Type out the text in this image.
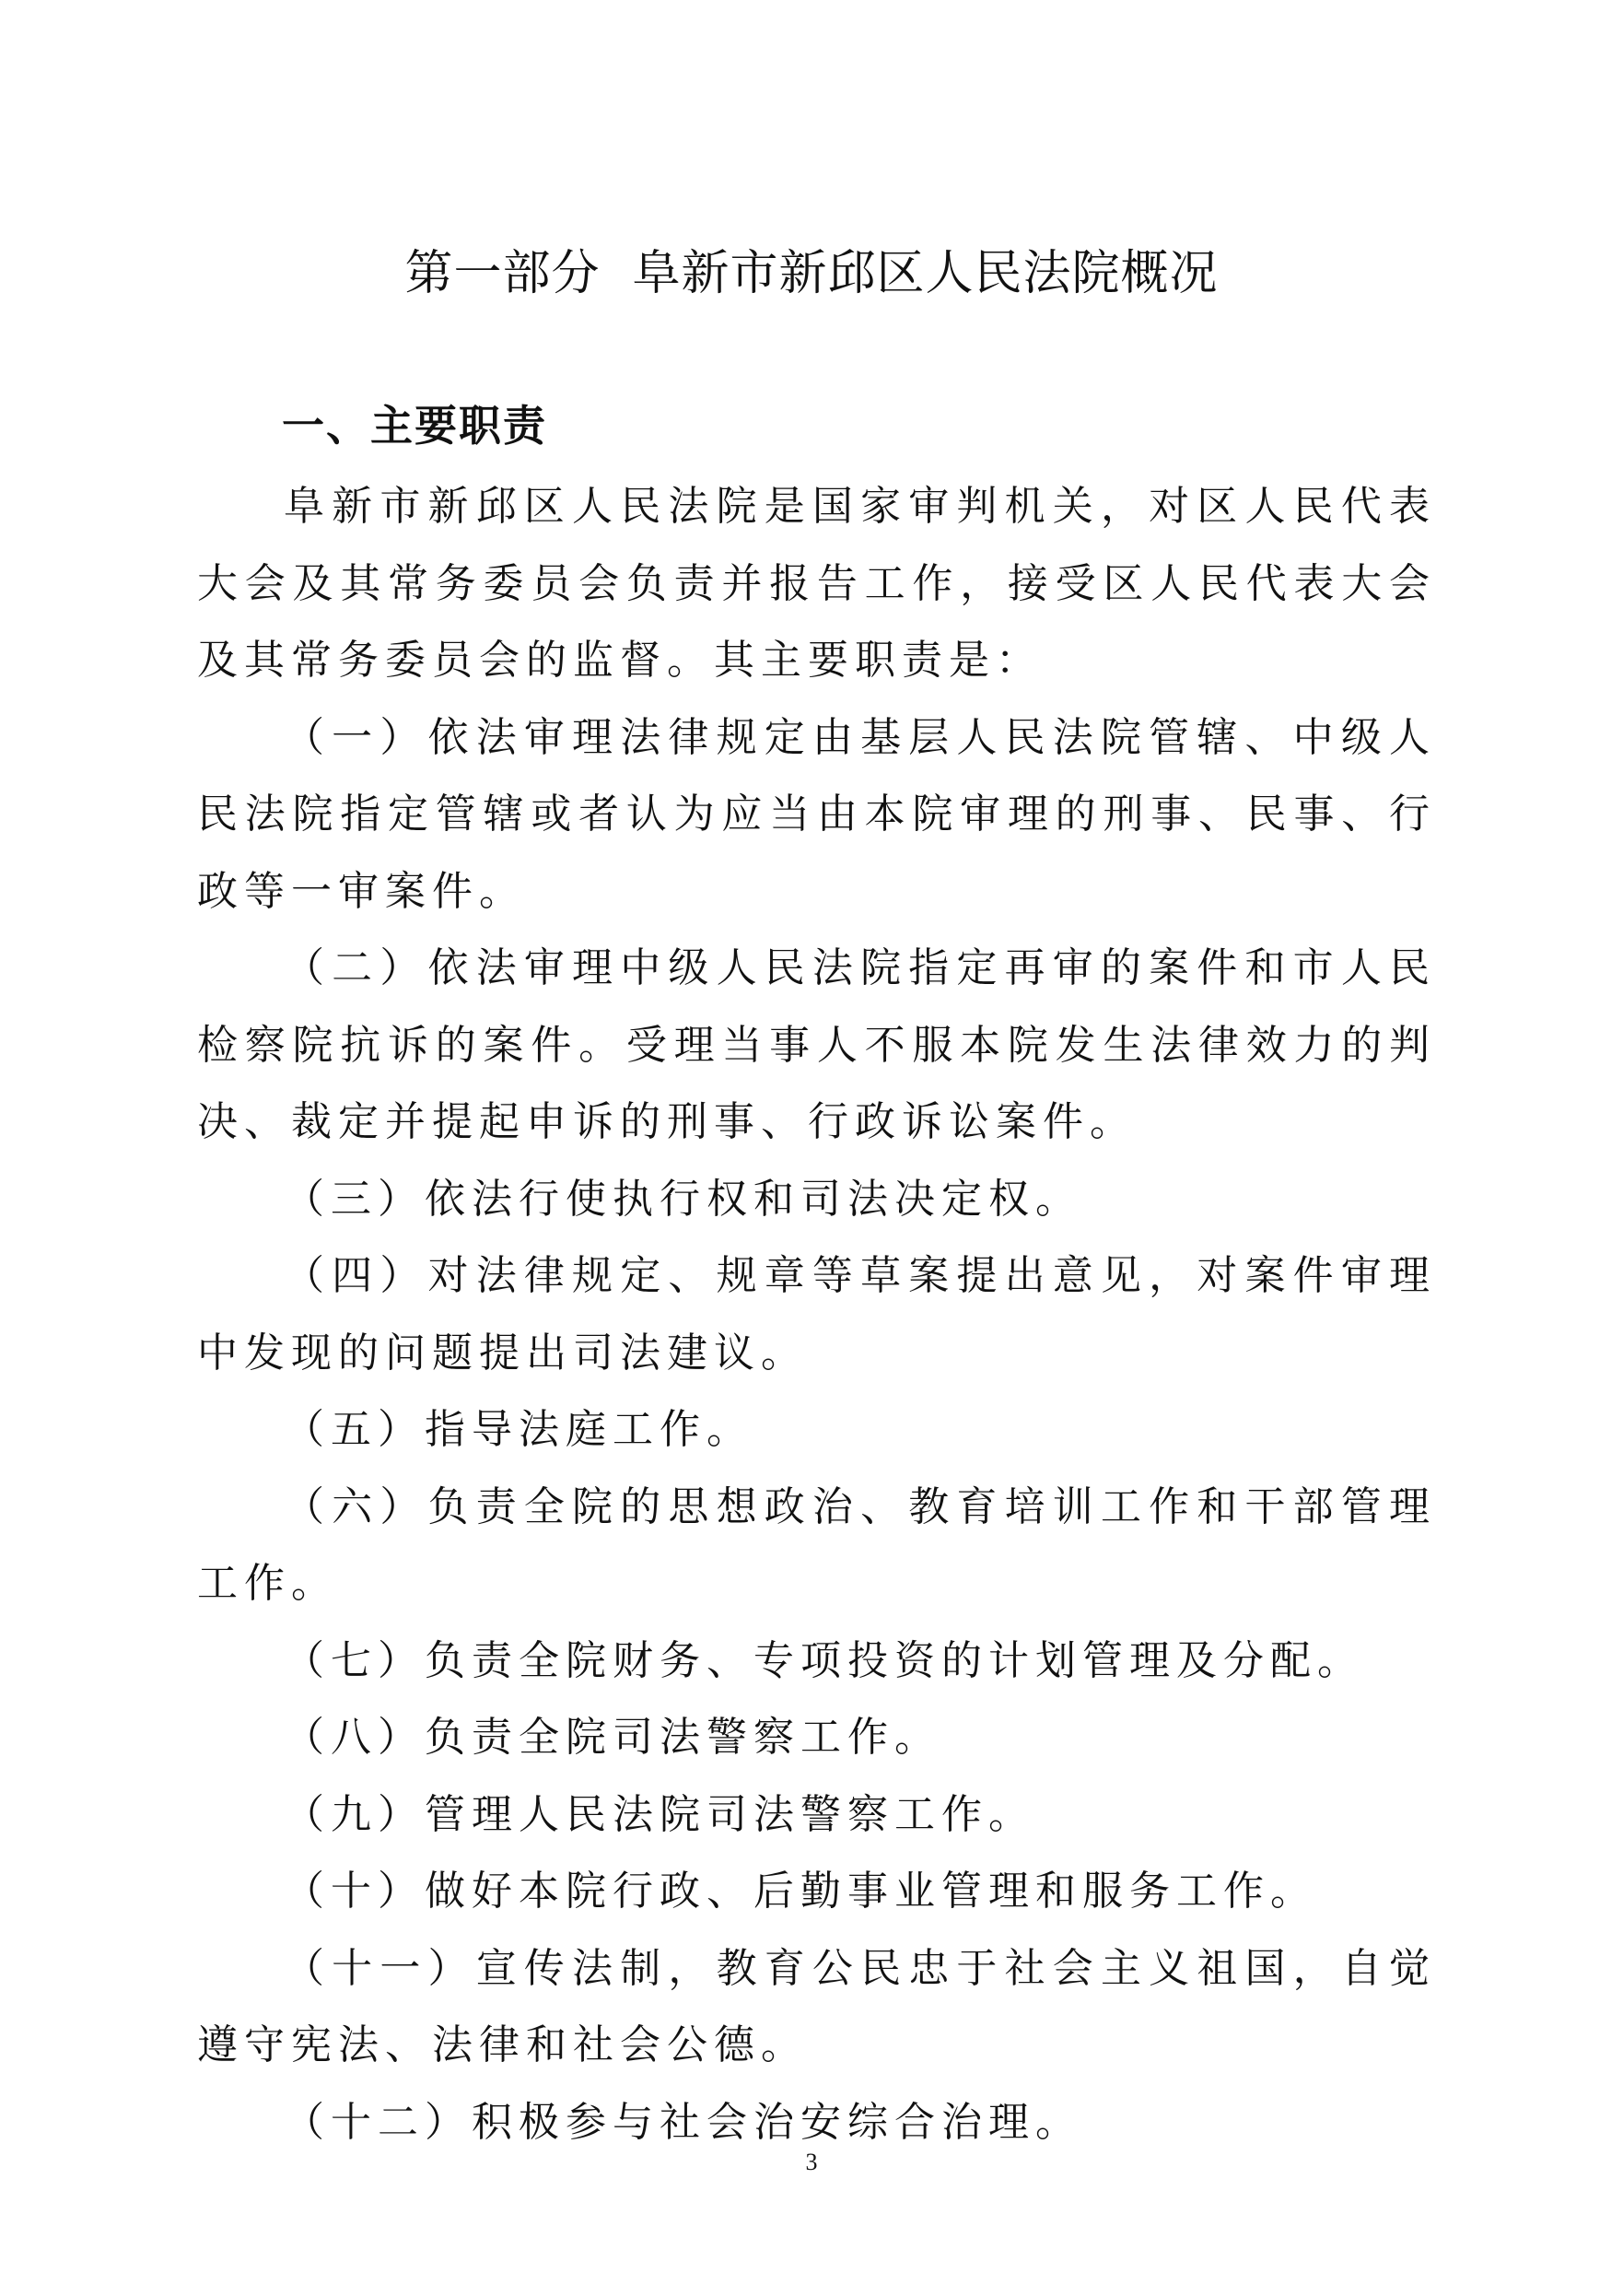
第一部分  阜新市新邱区人民法院概况
一、主要职责

阜新市新邱区人民法院是国家审判机关，对区人民代表大会及其常务委员会负责并报告工作，接受区人民代表大会及其常务委员会的监督。其主要职责是：

（一）依法审理法律规定由基层人民法院管辖、中级人民法院指定管辖或者认为应当由本院审理的刑事、民事、行政等一审案件。

（二）依法审理中级人民法院指定再审的案件和市人民检察院抗诉的案件。受理当事人不服本院发生法律效力的判决、裁定并提起申诉的刑事、行政诉讼案件。

（三）依法行使执行权和司法决定权。

（四）对法律规定、规章等草案提出意见，对案件审理中发现的问题提出司法建议。

（五）指导法庭工作。

（六）负责全院的思想政治、教育培训工作和干部管理工作。

（七）负责全院财务、专项投资的计划管理及分配。

（八）负责全院司法警察工作。

（九）管理人民法院司法警察工作。

（十）做好本院行政、后勤事业管理和服务工作。

（十一）宣传法制，教育公民忠于社会主义祖国，自觉遵守宪法、法律和社会公德。

（十二）积极参与社会治安综合治理。

3
